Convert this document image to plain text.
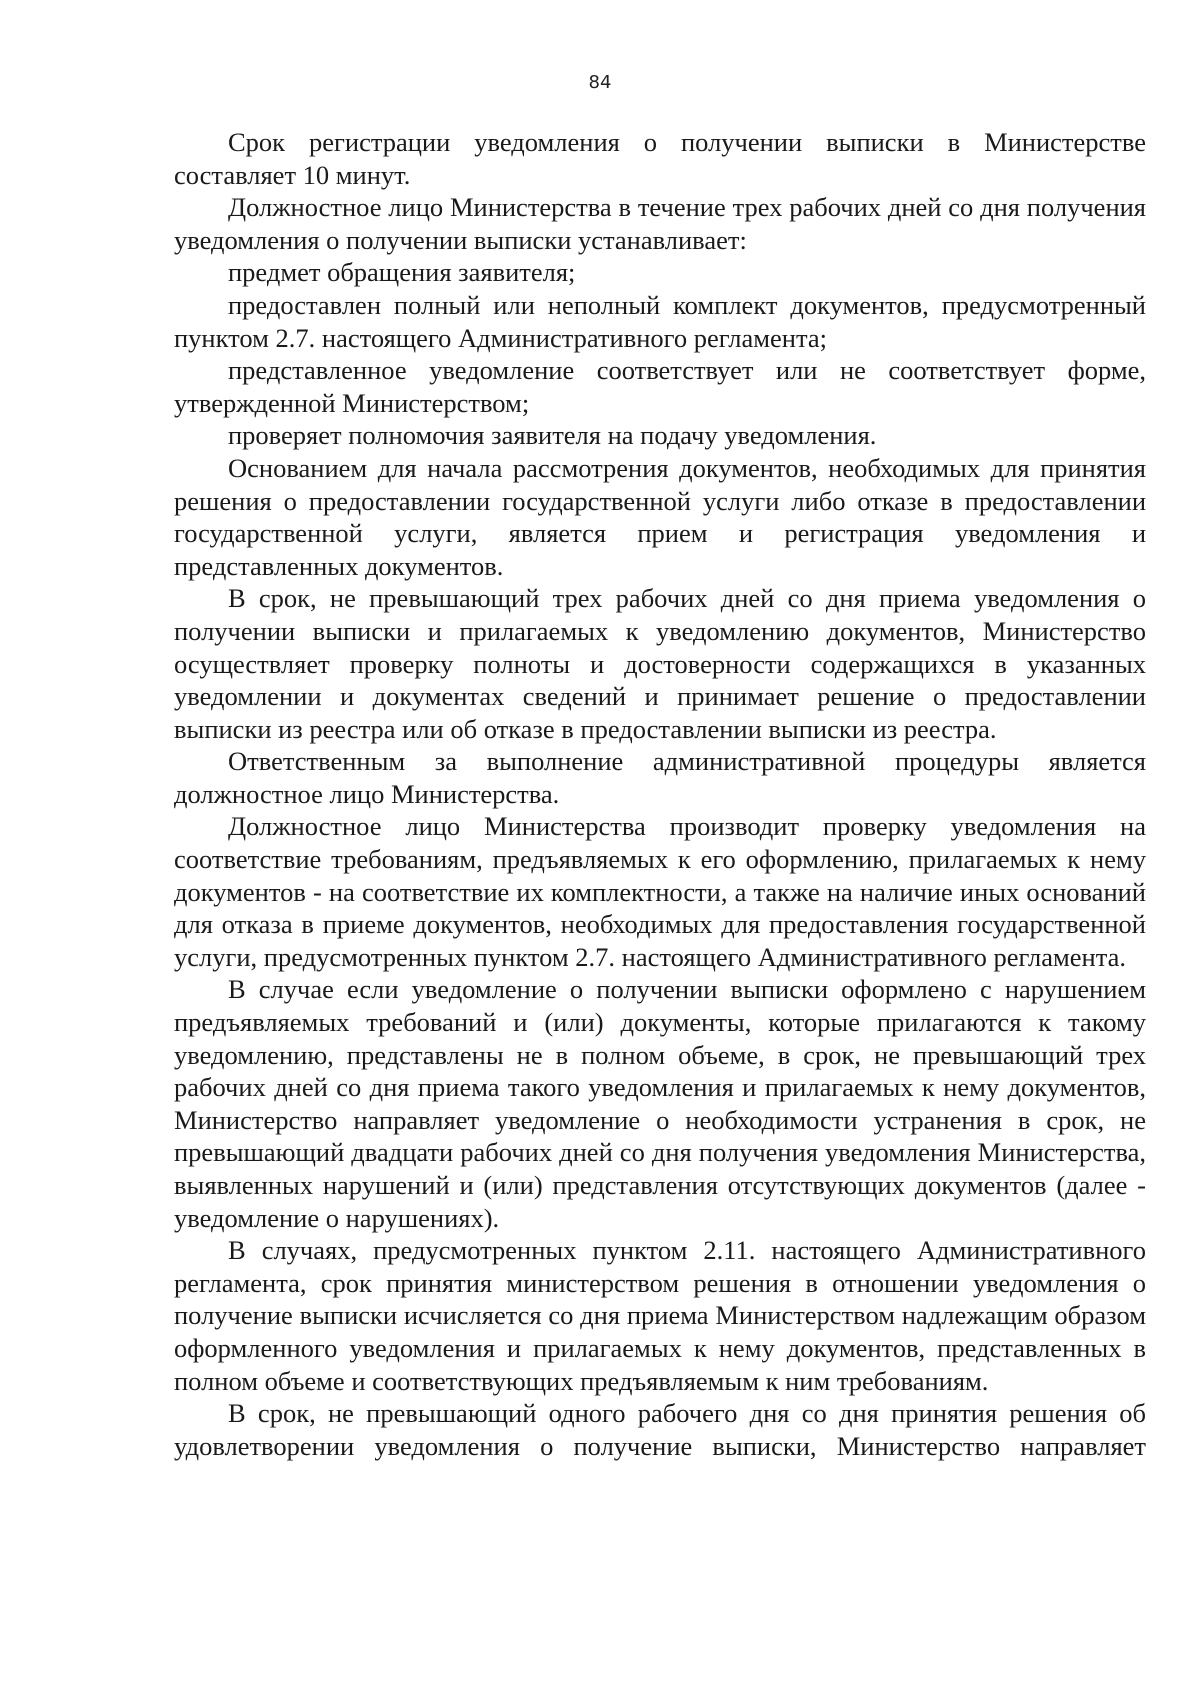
84

Срок регистрации уведомления о получении выписки в Министерстве составляет 10 минут.

Должностное лицо Министерства в течение трех рабочих дней со дня получения уведомления о получении выписки устанавливает:

предмет обращения заявителя;

предоставлен полный или неполный комплект документов, предусмотренный пунктом 2.7. настоящего Административного регламента;

представленное уведомление соответствует или не соответствует форме, утвержденной Министерством;

проверяет полномочия заявителя на подачу уведомления.

Основанием для начала рассмотрения документов, необходимых для принятия решения о предоставлении государственной услуги либо отказе в предоставлении государственной услуги, является прием и регистрация уведомления и представленных документов.

В срок, не превышающий трех рабочих дней со дня приема уведомления о получении выписки и прилагаемых к уведомлению документов, Министерство осуществляет проверку полноты и достоверности содержащихся в указанных уведомлении и документах сведений и принимает решение о предоставлении выписки из реестра или об отказе в предоставлении выписки из реестра.

Ответственным за выполнение административной процедуры является должностное лицо Министерства.

Должностное лицо Министерства производит проверку уведомления на соответствие требованиям, предъявляемых к его оформлению, прилагаемых к нему документов - на соответствие их комплектности, а также на наличие иных оснований для отказа в приеме документов, необходимых для предоставления государственной услуги, предусмотренных пунктом 2.7. настоящего Административного регламента.

В случае если уведомление о получении выписки оформлено с нарушением предъявляемых требований и (или) документы, которые прилагаются к такому уведомлению, представлены не в полном объеме, в срок, не превышающий трех рабочих дней со дня приема такого уведомления и прилагаемых к нему документов, Министерство направляет уведомление о необходимости устранения в срок, не превышающий двадцати рабочих дней со дня получения уведомления Министерства, выявленных нарушений и (или) представления отсутствующих документов (далее - уведомление о нарушениях).

В случаях, предусмотренных пунктом 2.11. настоящего Административного регламента, срок принятия министерством решения в отношении уведомления о получение выписки исчисляется со дня приема Министерством надлежащим образом оформленного уведомления и прилагаемых к нему документов, представленных в полном объеме и соответствующих предъявляемым к ним требованиям.

В срок, не превышающий одного рабочего дня со дня принятия решения об удовлетворении уведомления о получение выписки, Министерство направляет
